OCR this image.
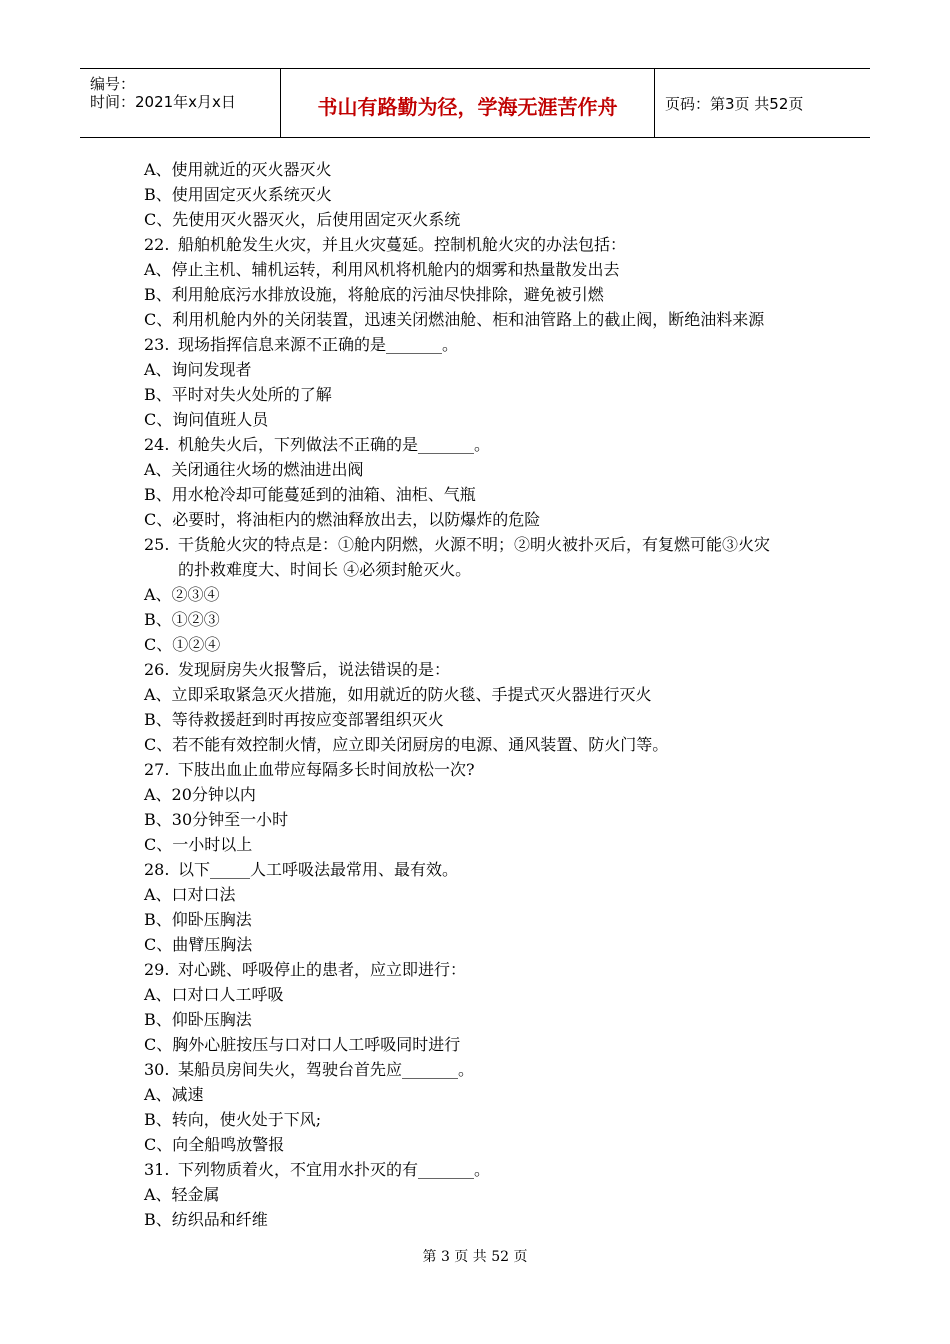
编号：
时间：2021年x月x日	书山有路勤为径，学海无涯苦作舟	页码：第3页 共52页
A、使用就近的灭火器灭火
B、使用固定灭火系统灭火
C、先使用灭火器灭火，后使用固定灭火系统
22. 船舶机舱发生火灾，并且火灾蔓延。控制机舱火灾的办法包括：
A、停止主机、辅机运转，利用风机将机舱内的烟雾和热量散发出去
B、利用舱底污水排放设施，将舱底的污油尽快排除，避免被引燃
C、利用机舱内外的关闭装置，迅速关闭燃油舱、柜和油管路上的截止阀，断绝油料来源
23. 现场指挥信息来源不正确的是_______。
A、询问发现者
B、平时对失火处所的了解
C、询问值班人员
24. 机舱失火后，下列做法不正确的是_______。
A、关闭通往火场的燃油进出阀
B、用水枪冷却可能蔓延到的油箱、油柜、气瓶
C、必要时，将油柜内的燃油释放出去，以防爆炸的危险
25. 干货舱火灾的特点是：①舱内阴燃，火源不明；②明火被扑灭后，有复燃可能③火灾
的扑救难度大、时间长 ④必须封舱灭火。
A、②③④
B、①②③
C、①②④
26. 发现厨房失火报警后，说法错误的是：
A、立即采取紧急灭火措施，如用就近的防火毯、手提式灭火器进行灭火
B、等待救援赶到时再按应变部署组织灭火
C、若不能有效控制火情，应立即关闭厨房的电源、通风装置、防火门等。
27. 下肢出血止血带应每隔多长时间放松一次?
A、20分钟以内
B、30分钟至一小时
C、一小时以上
28. 以下_____人工呼吸法最常用、最有效。
A、口对口法
B、仰卧压胸法
C、曲臂压胸法
29. 对心跳、呼吸停止的患者，应立即进行：
A、口对口人工呼吸
B、仰卧压胸法
C、胸外心脏按压与口对口人工呼吸同时进行
30. 某船员房间失火，驾驶台首先应_______。
A、减速
B、转向，使火处于下风;
C、向全船鸣放警报
31. 下列物质着火，不宜用水扑灭的有_______。
A、轻金属
B、纺织品和纤维
第 3 页 共 52 页
